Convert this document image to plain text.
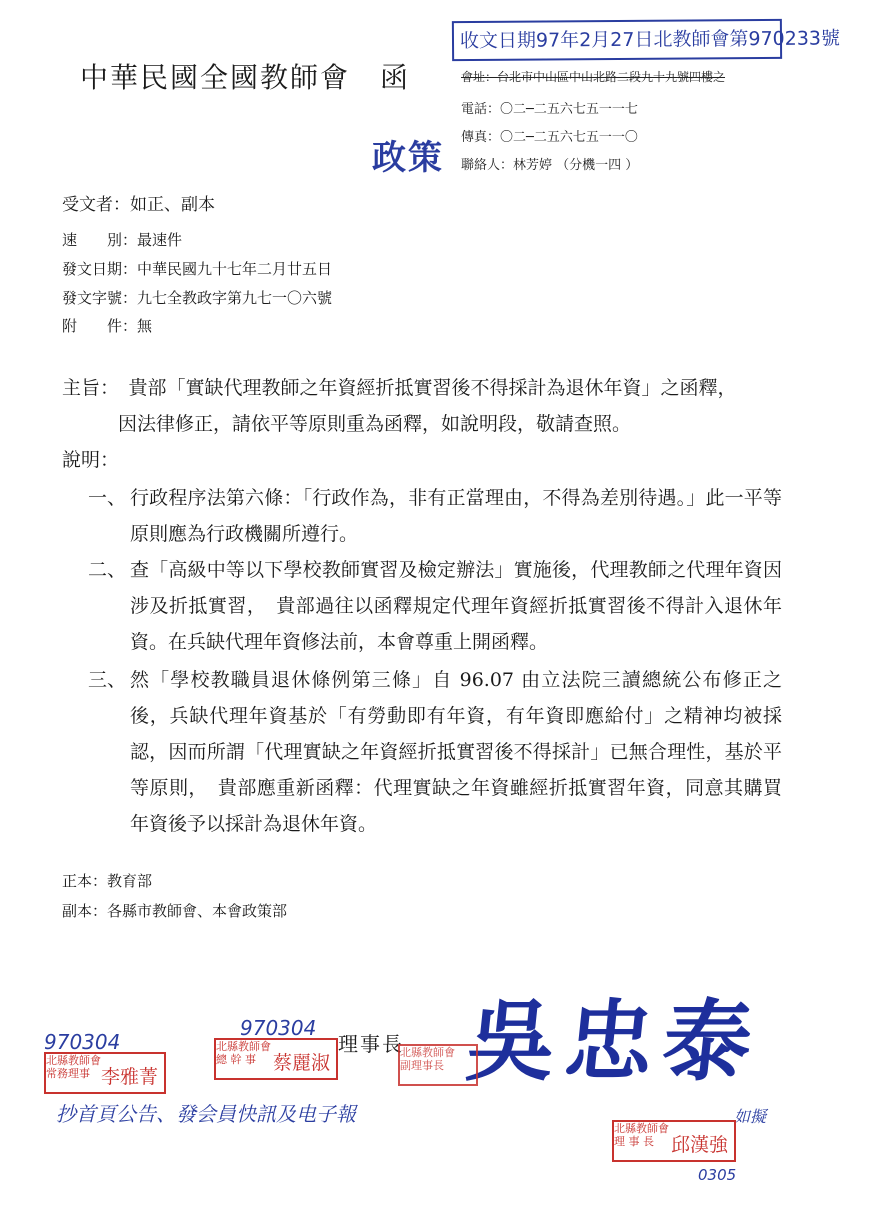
中華民國全國教師會　函
收文日期97年2月27日北教師會第970233號
會址：台北市中山區中山北路二段九十九號四樓之
電話：〇二─二五六七五一一七
傳真：〇二─二五六七五一一〇
聯絡人：林芳婷 （分機一四 ）
政策
受文者：如正、副本
速　　別：最速件
發文日期：中華民國九十七年二月廿五日
發文字號：九七全教政字第九七一〇六號
附　　件：無
主旨：　貴部「實缺代理教師之年資經折抵實習後不得採計為退休年資」之函釋，
因法律修正，請依平等原則重為函釋，如說明段，敬請查照。
說明：
一、 行政程序法第六條：「行政作為，非有正當理由，不得為差別待遇。」此一平等原則應為行政機關所遵行。
二、 查「高級中等以下學校教師實習及檢定辦法」實施後，代理教師之代理年資因涉及折抵實習，　貴部過往以函釋規定代理年資經折抵實習後不得計入退休年資。在兵缺代理年資修法前，本會尊重上開函釋。
三、 然「學校教職員退休條例第三條」自 96.07 由立法院三讀總統公布修正之後，兵缺代理年資基於「有勞動即有年資，有年資即應給付」之精神均被採認，因而所謂「代理實缺之年資經折抵實習後不得採計」已無合理性，基於平等原則，　貴部應重新函釋：代理實缺之年資雖經折抵實習年資，同意其購買年資後予以採計為退休年資。
正本：教育部
副本：各縣市教師會、本會政策部
970304
970304
理事長 吳忠泰
北縣教師會
常務理事 李雅菁
北縣教師會
總 幹 事 蔡麗淑	北縣教師會
副理事長
抄首頁公告、發会員快訊及电子報	如擬
北縣教師會
理 事 長 邱漢強
0305
